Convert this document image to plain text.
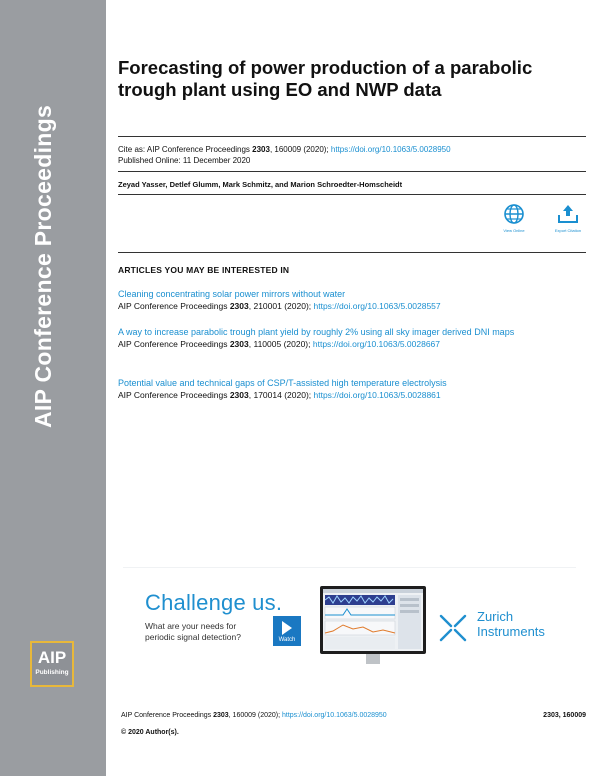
AIP Conference Proceedings
AIP
Publishing
Forecasting of power production of a parabolic trough plant using EO and NWP data
Cite as: AIP Conference Proceedings 2303, 160009 (2020); https://doi.org/10.1063/5.0028950
Published Online: 11 December 2020
Zeyad Yasser, Detlef Glumm, Mark Schmitz, and Marion Schroedter-Homscheidt
View Online	Export Citation
ARTICLES YOU MAY BE INTERESTED IN
Cleaning concentrating solar power mirrors without water
AIP Conference Proceedings 2303, 210001 (2020); https://doi.org/10.1063/5.0028557
A way to increase parabolic trough plant yield by roughly 2% using all sky imager derived DNI maps
AIP Conference Proceedings 2303, 110005 (2020); https://doi.org/10.1063/5.0028667
Potential value and technical gaps of CSP/T-assisted high temperature electrolysis
AIP Conference Proceedings 2303, 170014 (2020); https://doi.org/10.1063/5.0028861
Challenge us.
What are your needs for
periodic signal detection?	Watch
Zurich
Instruments
AIP Conference Proceedings 2303, 160009 (2020); https://doi.org/10.1063/5.0028950	2303, 160009
© 2020 Author(s).
